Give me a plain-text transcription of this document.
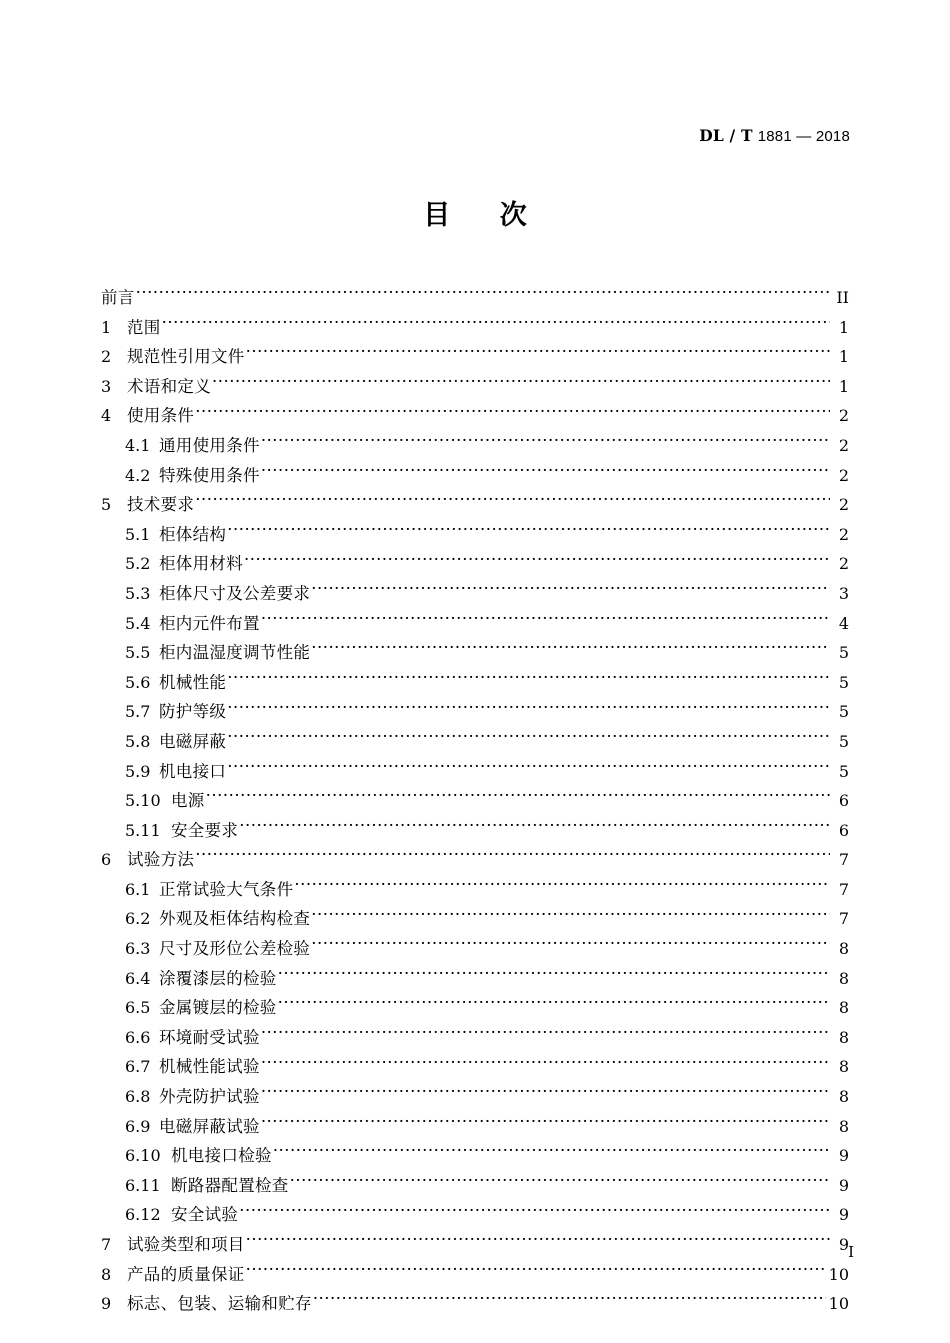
DL / T 1881 — 2018
目 次
前言 ·····	II
1 范围 ·····	1
2 规范性引用文件 ·····	1
3 术语和定义 ·····	1
4 使用条件 ·····	2
4.1 通用使用条件 ·····	2
4.2 特殊使用条件 ·····	2
5 技术要求 ·····	2
5.1 柜体结构 ·····	2
5.2 柜体用材料 ·····	2
5.3 柜体尺寸及公差要求 ·····	3
5.4 柜内元件布置 ·····	4
5.5 柜内温湿度调节性能 ·····	5
5.6 机械性能 ·····	5
5.7 防护等级 ·····	5
5.8 电磁屏蔽 ·····	5
5.9 机电接口 ·····	5
5.10 电源 ·····	6
5.11 安全要求 ·····	6
6 试验方法 ·····	7
6.1 正常试验大气条件 ·····	7
6.2 外观及柜体结构检查 ·····	7
6.3 尺寸及形位公差检验 ·····	8
6.4 涂覆漆层的检验 ·····	8
6.5 金属镀层的检验 ·····	8
6.6 环境耐受试验 ·····	8
6.7 机械性能试验 ·····	8
6.8 外壳防护试验 ·····	8
6.9 电磁屏蔽试验 ·····	8
6.10 机电接口检验 ·····	9
6.11 断路器配置检查 ·····	9
6.12 安全试验 ·····	9
7 试验类型和项目 ·····	9
8 产品的质量保证 ·····	10
9 标志、包装、运输和贮存 ·····	10
I
